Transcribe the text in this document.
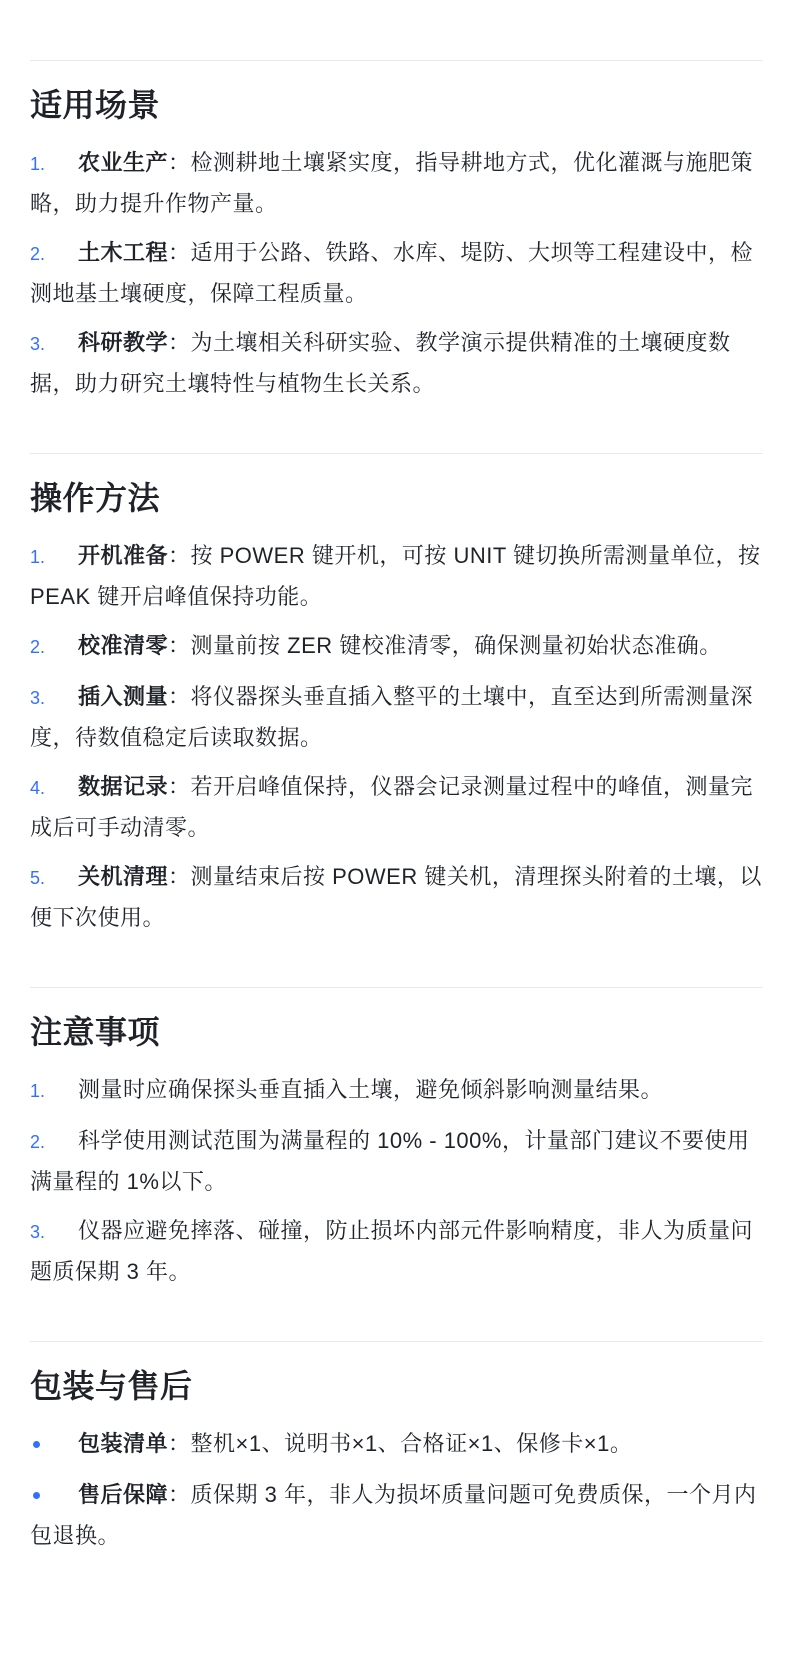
适用场景

1. 农业生产：检测耕地土壤紧实度，指导耕地方式，优化灌溉与施肥策略，助力提升作物产量。

2. 土木工程：适用于公路、铁路、水库、堤防、大坝等工程建设中，检测地基土壤硬度，保障工程质量。

3. 科研教学：为土壤相关科研实验、教学演示提供精准的土壤硬度数据，助力研究土壤特性与植物生长关系。

操作方法

1. 开机准备：按 POWER 键开机，可按 UNIT 键切换所需测量单位，按 PEAK 键开启峰值保持功能。

2. 校准清零：测量前按 ZER 键校准清零，确保测量初始状态准确。

3. 插入测量：将仪器探头垂直插入整平的土壤中，直至达到所需测量深度，待数值稳定后读取数据。

4. 数据记录：若开启峰值保持，仪器会记录测量过程中的峰值，测量完成后可手动清零。

5. 关机清理：测量结束后按 POWER 键关机，清理探头附着的土壤，以便下次使用。

注意事项

1. 测量时应确保探头垂直插入土壤，避免倾斜影响测量结果。

2. 科学使用测试范围为满量程的 10% - 100%，计量部门建议不要使用满量程的 1%以下。

3. 仪器应避免摔落、碰撞，防止损坏内部元件影响精度，非人为质量问题质保期 3 年。

包装与售后

包装清单：整机×1、说明书×1、合格证×1、保修卡×1。

售后保障：质保期 3 年，非人为损坏质量问题可免费质保，一个月内包退换。
